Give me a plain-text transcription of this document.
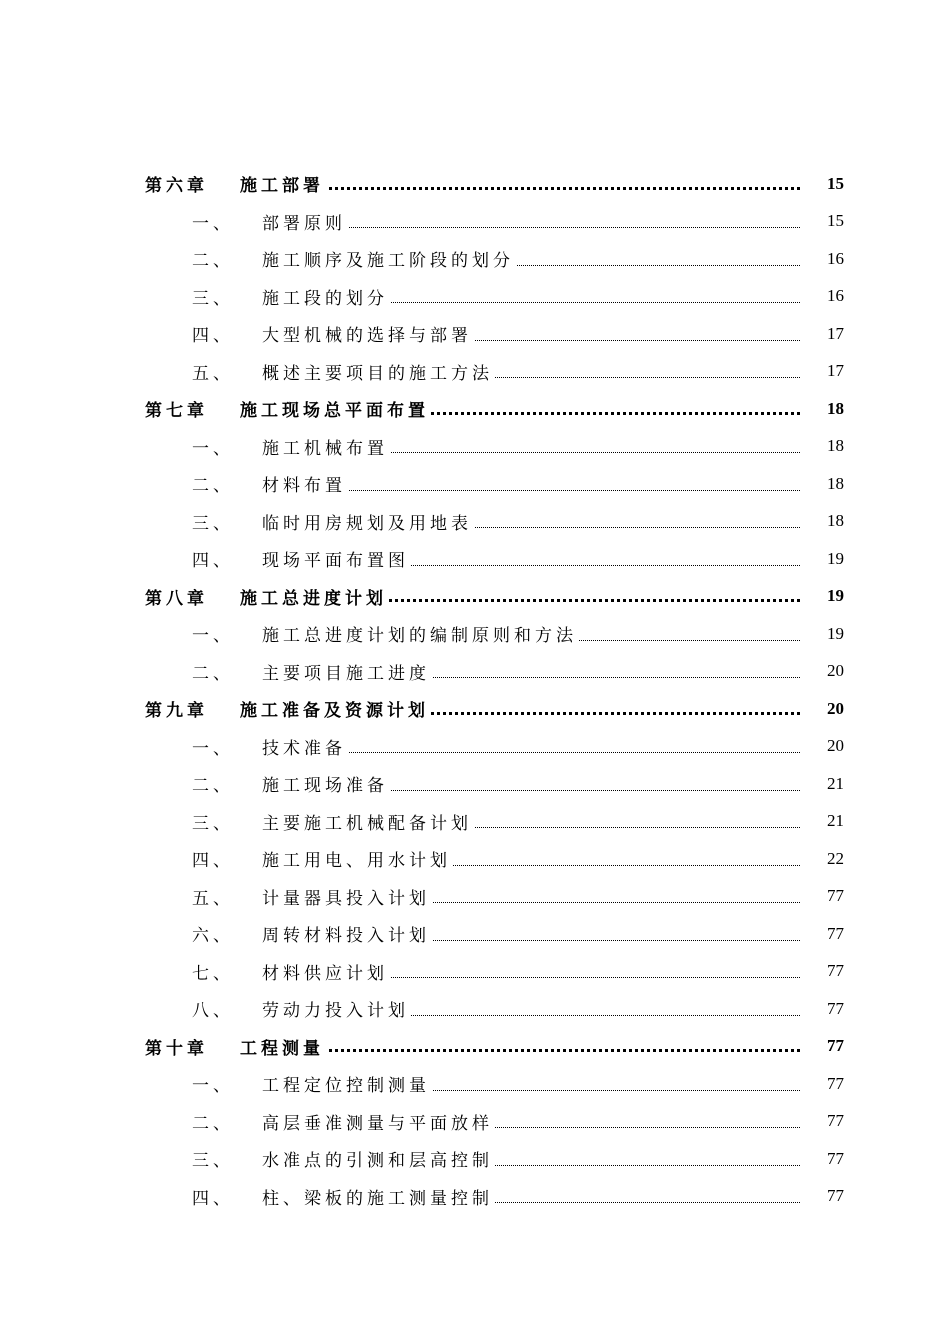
第六章 施工部署	15
一、 部署原则	15
二、 施工顺序及施工阶段的划分	16
三、 施工段的划分	16
四、 大型机械的选择与部署	17
五、 概述主要项目的施工方法	17
第七章 施工现场总平面布置	18
一、 施工机械布置	18
二、 材料布置	18
三、 临时用房规划及用地表	18
四、 现场平面布置图	19
第八章 施工总进度计划	19
一、 施工总进度计划的编制原则和方法	19
二、 主要项目施工进度	20
第九章 施工准备及资源计划	20
一、 技术准备	20
二、 施工现场准备	21
三、 主要施工机械配备计划	21
四、 施工用电、用水计划	22
五、 计量器具投入计划	77
六、 周转材料投入计划	77
七、 材料供应计划	77
八、 劳动力投入计划	77
第十章 工程测量	77
一、 工程定位控制测量	77
二、 高层垂准测量与平面放样	77
三、 水准点的引测和层高控制	77
四、 柱、梁板的施工测量控制	77
